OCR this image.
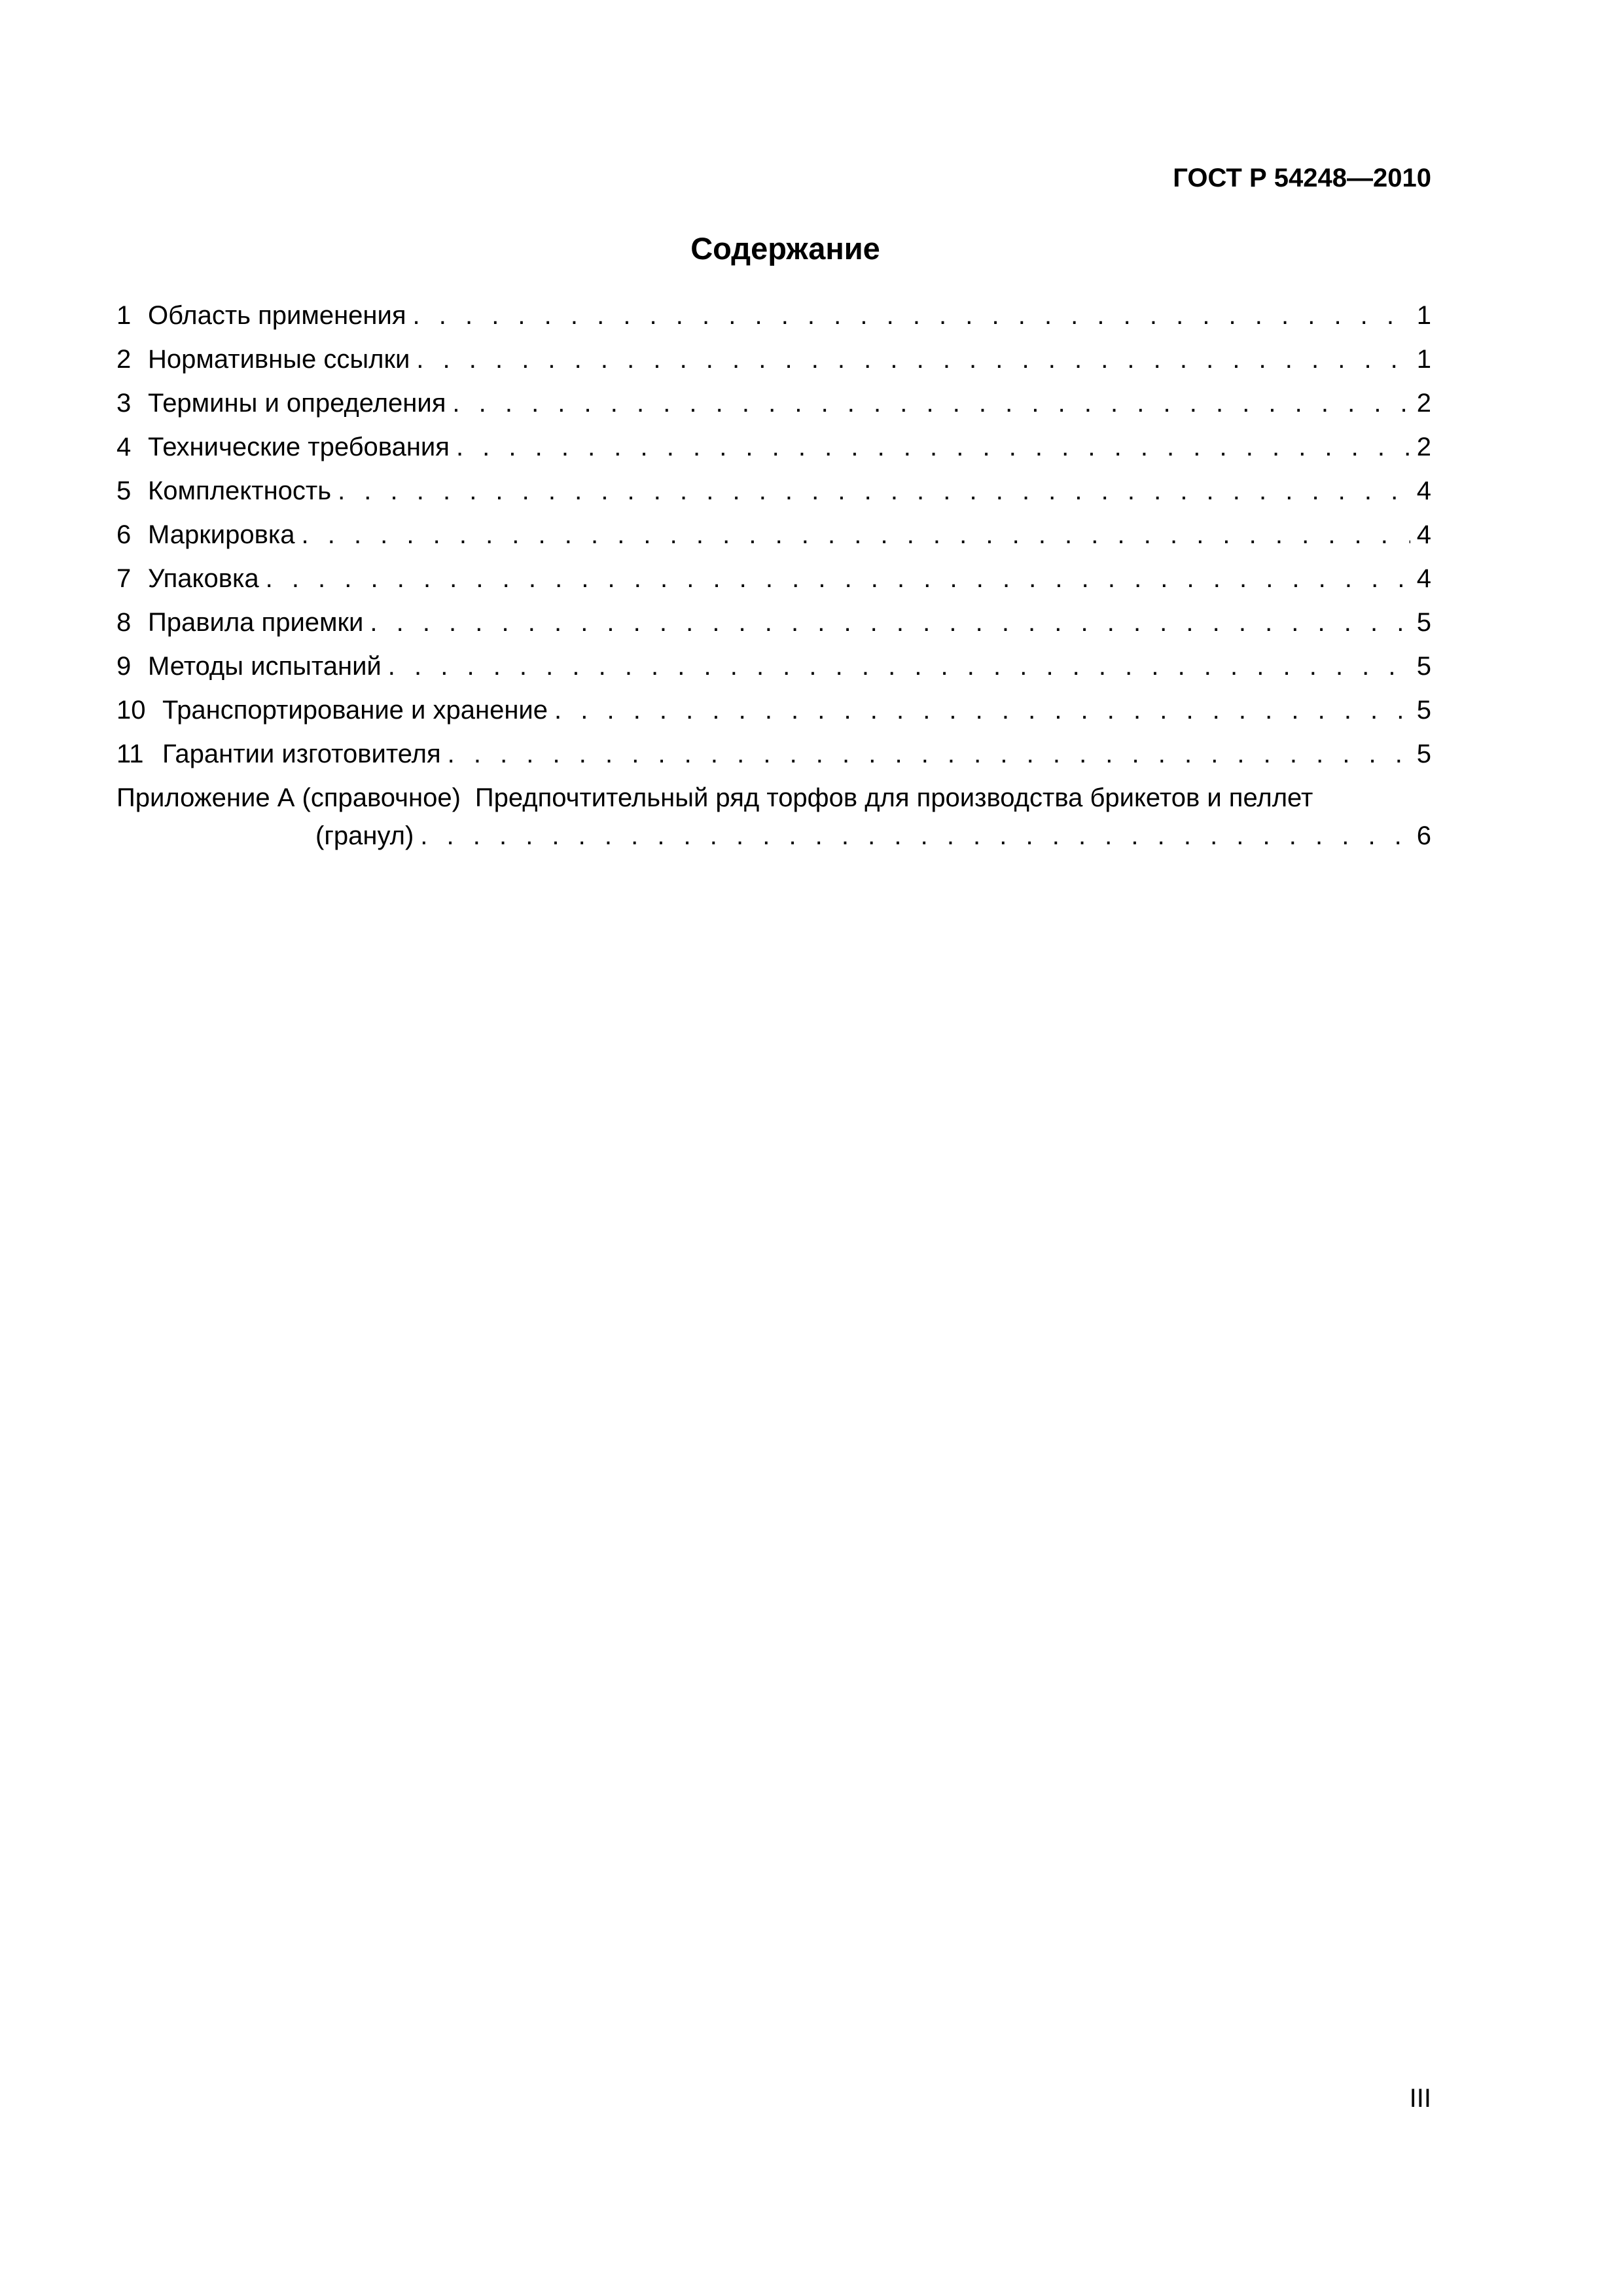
ГОСТ Р 54248—2010
Содержание
1 Область применения . . .	1
2 Нормативные ссылки . . .	1
3 Термины и определения . . .	2
4 Технические требования . . .	2
5 Комплектность . . .	4
6 Маркировка . . .	4
7 Упаковка . . .	4
8 Правила приемки . . .	5
9 Методы испытаний . . .	5
10 Транспортирование и хранение . . .	5
11 Гарантии изготовителя . . .	5
Приложение А (справочное) Предпочтительный ряд торфов для производства брикетов и пеллет
(гранул) . . .	6
III
